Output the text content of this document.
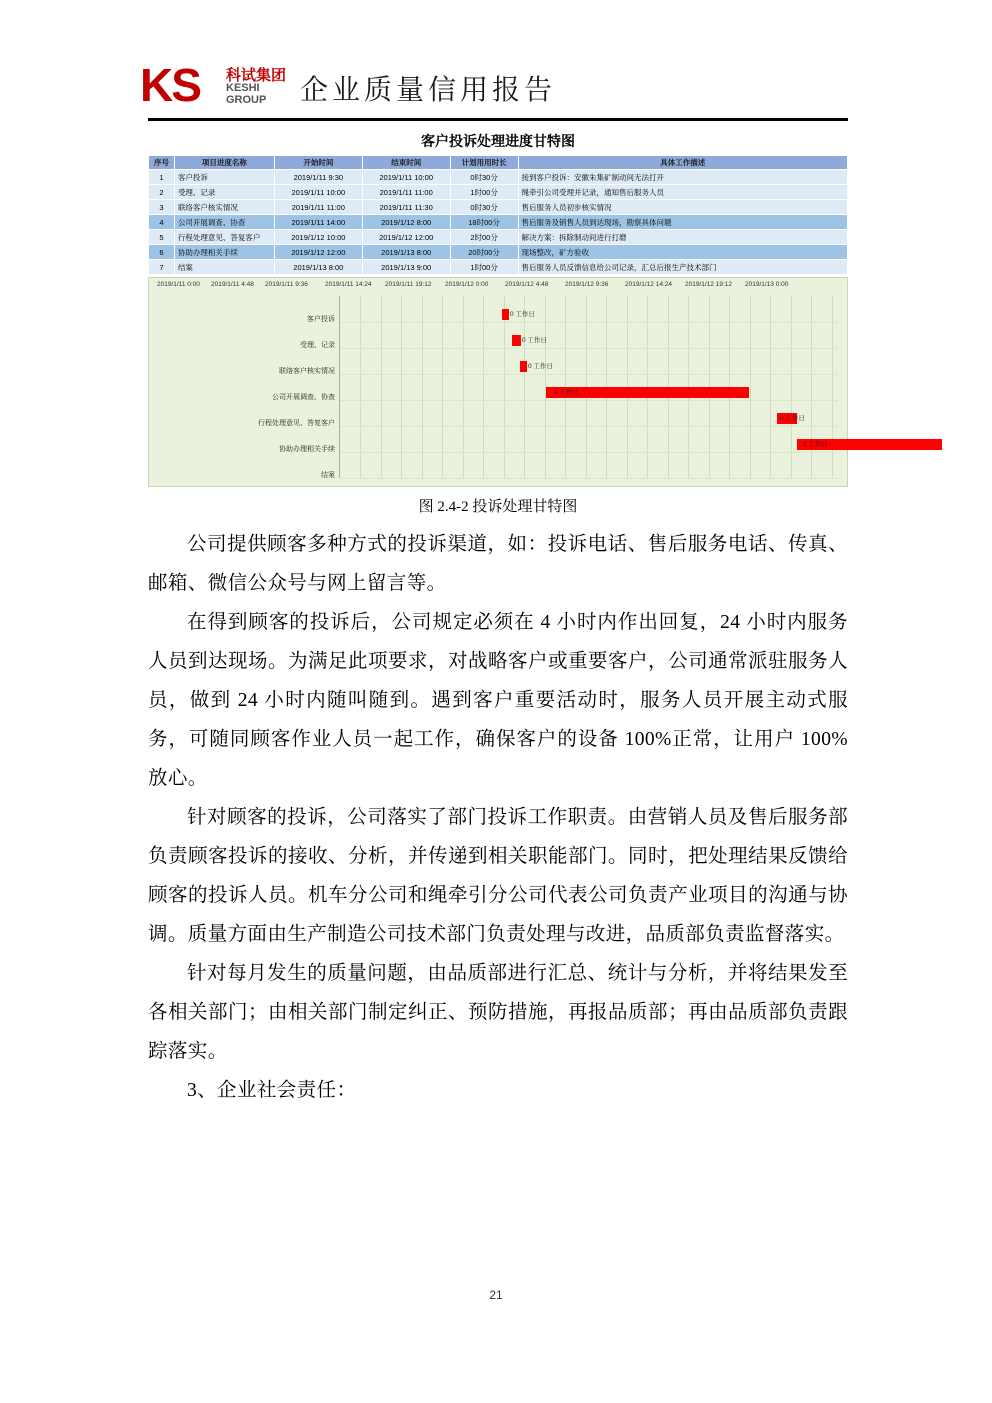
KS 科试集团
KESHI
GROUP 企业质量信用报告
客户投诉处理进度甘特图
序号	项目进度名称	开始时间	结束时间	计划用用时长	具体工作描述
1	客户投诉	2019/1/11 9:30	2019/1/11 10:00	0时30分	接到客户投诉：安徽朱集矿制动间无法打开
2	受理、记录	2019/1/11 10:00	2019/1/11 11:00	1时00分	绳牵引公司受理并记录，通知售后服务人员
3	联络客户核实情况	2019/1/11 11:00	2019/1/11 11:30	0时30分	售后服务人员初步核实情况
4	公司开展调查、协查	2019/1/11 14:00	2019/1/12 8:00	18时00分	售后服务及销售人员到达现场，勘察具体问题
5	行程处理意见、答复客户	2019/1/12 10:00	2019/1/12 12:00	2时00分	解决方案：拆除制动间进行打磨
6	协助办理相关手续	2019/1/12 12:00	2019/1/13 8:00	20时00分	现场整改，矿方验收
7	结案	2019/1/13 8:00	2019/1/13 9:00	1时00分	售后服务人员反馈信息给公司记录，汇总后报生产技术部门
2019/1/11 0:00 2019/1/11 4:48 2019/1/11 9:36	2019/1/11 14:24 2019/1/11 19:12 2019/1/12 0:00	2019/1/12 4:48	2019/1/12 9:36	2019/1/12 14:24 2019/1/12 19:12 2019/1/13 0:00
客户投诉
受理、记录
联络客户核实情况
公司开展调查、协查
行程处理意见、答复客户
协助办理相关手续
结案
0 工作日
0 工作日
0 工作日
1 工作日
0 工作日
1 工作日
图 2.4-2 投诉处理甘特图

公司提供顾客多种方式的投诉渠道，如：投诉电话、售后服务电话、传真、邮箱、微信公众号与网上留言等。

在得到顾客的投诉后，公司规定必须在 4 小时内作出回复，24 小时内服务人员到达现场。为满足此项要求，对战略客户或重要客户，公司通常派驻服务人员，做到 24 小时内随叫随到。遇到客户重要活动时，服务人员开展主动式服务，可随同顾客作业人员一起工作，确保客户的设备 100%正常，让用户 100%放心。

针对顾客的投诉，公司落实了部门投诉工作职责。由营销人员及售后服务部负责顾客投诉的接收、分析，并传递到相关职能部门。同时，把处理结果反馈给顾客的投诉人员。机车分公司和绳牵引分公司代表公司负责产业项目的沟通与协调。质量方面由生产制造公司技术部门负责处理与改进，品质部负责监督落实。

针对每月发生的质量问题，由品质部进行汇总、统计与分析，并将结果发至各相关部门；由相关部门制定纠正、预防措施，再报品质部；再由品质部负责跟踪落实。

3、企业社会责任：

21
